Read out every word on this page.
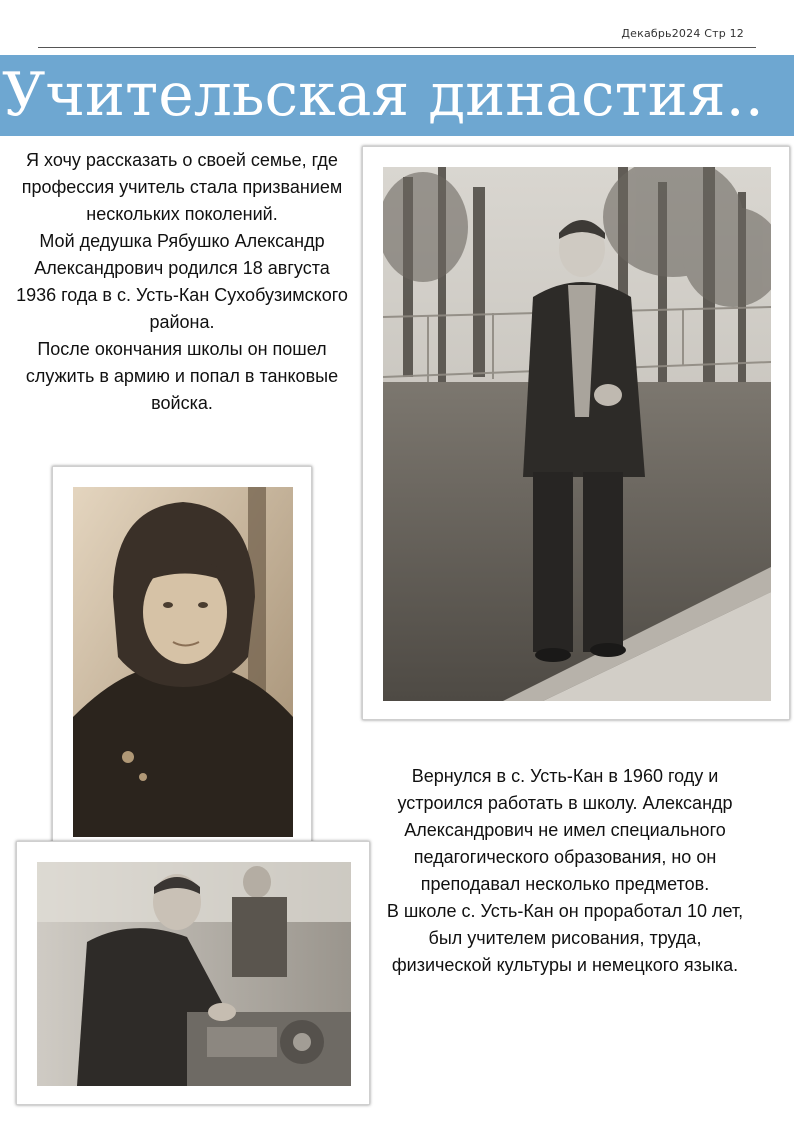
Декабрь2024 Стр 12
Учительская династия..

Я хочу рассказать о своей семье, где профессия учитель стала призванием нескольких поколений.

Мой дедушка Рябушко Александр Александрович родился 18 августа 1936 года в с. Усть-Кан Сухобузимского района.

После окончания школы он пошел служить в армию и попал в танковые войска.

Вернулся в с. Усть-Кан в 1960 году и устроился работать в школу. Александр Александрович не имел специального педагогического образования, но он преподавал несколько предметов.

В школе с. Усть-Кан он проработал 10 лет, был учителем рисования, труда, физической культуры и немецкого языка.
